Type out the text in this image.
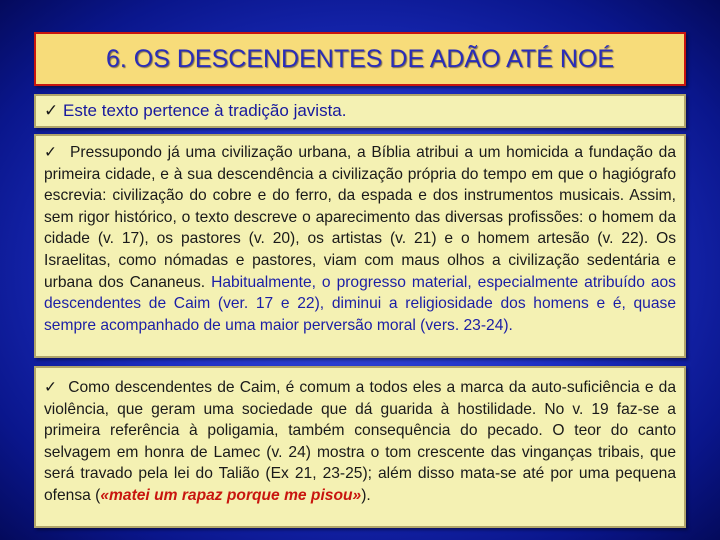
6. OS DESCENDENTES DE ADÃO ATÉ NOÉ
✓ Este texto pertence à tradição javista.

✓ Pressupondo já uma civilização urbana, a Bíblia atribui a um homicida a fundação da primeira cidade, e à sua descendência a civilização própria do tempo em que o hagiógrafo escrevia: civilização do cobre e do ferro, da espada e dos instrumentos musicais. Assim, sem rigor histórico, o texto descreve o aparecimento das diversas profissões: o homem da cidade (v. 17), os pastores (v. 20), os artistas (v. 21) e o homem artesão (v. 22). Os Israelitas, como nómadas e pastores, viam com maus olhos a civilização sedentária e urbana dos Cananeus. Habitualmente, o progresso material, especialmente atribuído aos descendentes de Caim (ver. 17 e 22), diminui a religiosidade dos homens e é, quase sempre acompanhado de uma maior perversão moral (vers. 23-24).

✓ Como descendentes de Caim, é comum a todos eles a marca da auto-suficiência e da violência, que geram uma sociedade que dá guarida à hostilidade. No v. 19 faz-se a primeira referência à poligamia, também consequência do pecado. O teor do canto selvagem em honra de Lamec (v. 24) mostra o tom crescente das vinganças tribais, que será travado pela lei do Talião (Ex 21, 23-25); além disso mata-se até por uma pequena ofensa («matei um rapaz porque me pisou»).
